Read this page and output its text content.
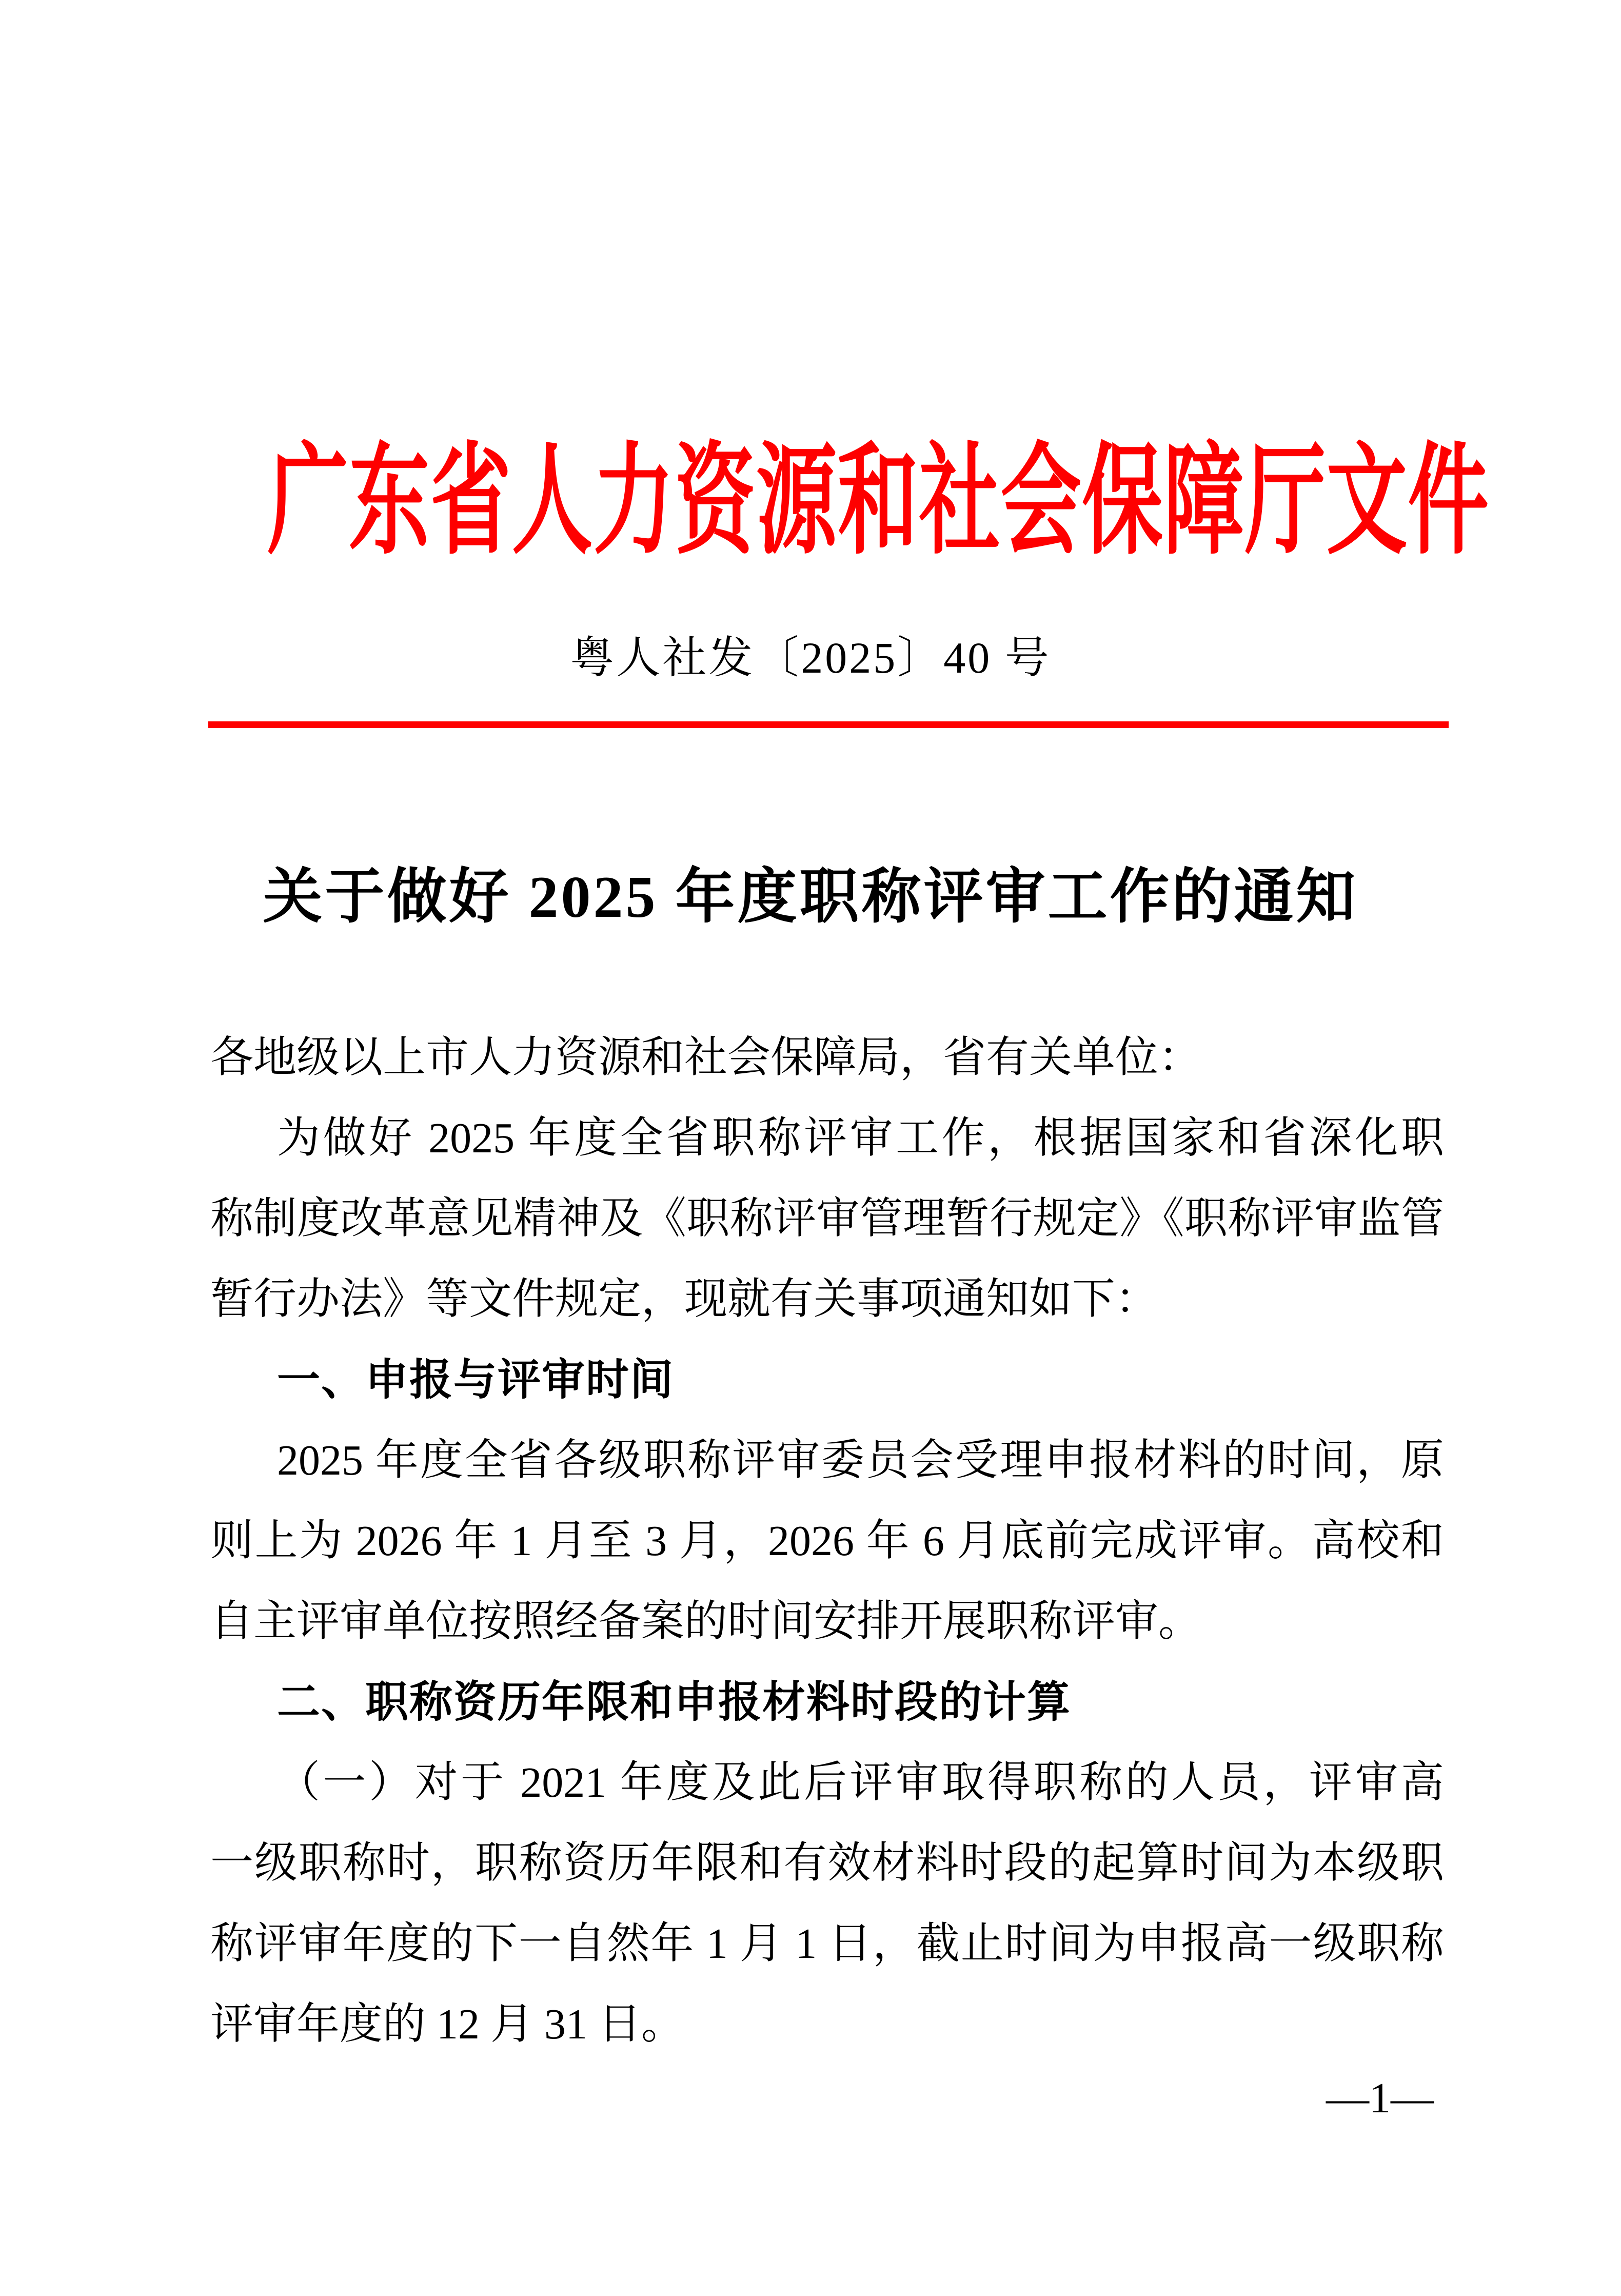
广东省人力资源和社会保障厅文件
粤人社发〔2025〕40 号
关于做好 2025 年度职称评审工作的通知
各地级以上市人力资源和社会保障局，省有关单位：
为做好 2025 年度全省职称评审工作，根据国家和省深化职
称制度改革意见精神及《职称评审管理暂行规定》《职称评审监管
暂行办法》等文件规定，现就有关事项通知如下：
一、申报与评审时间
2025 年度全省各级职称评审委员会受理申报材料的时间，原
则上为 2026 年 1 月至 3 月，2026 年 6 月底前完成评审。高校和
自主评审单位按照经备案的时间安排开展职称评审。
二、职称资历年限和申报材料时段的计算
（一）对于 2021 年度及此后评审取得职称的人员，评审高
一级职称时，职称资历年限和有效材料时段的起算时间为本级职
称评审年度的下一自然年 1 月 1 日，截止时间为申报高一级职称
评审年度的 12 月 31 日。
—1—
